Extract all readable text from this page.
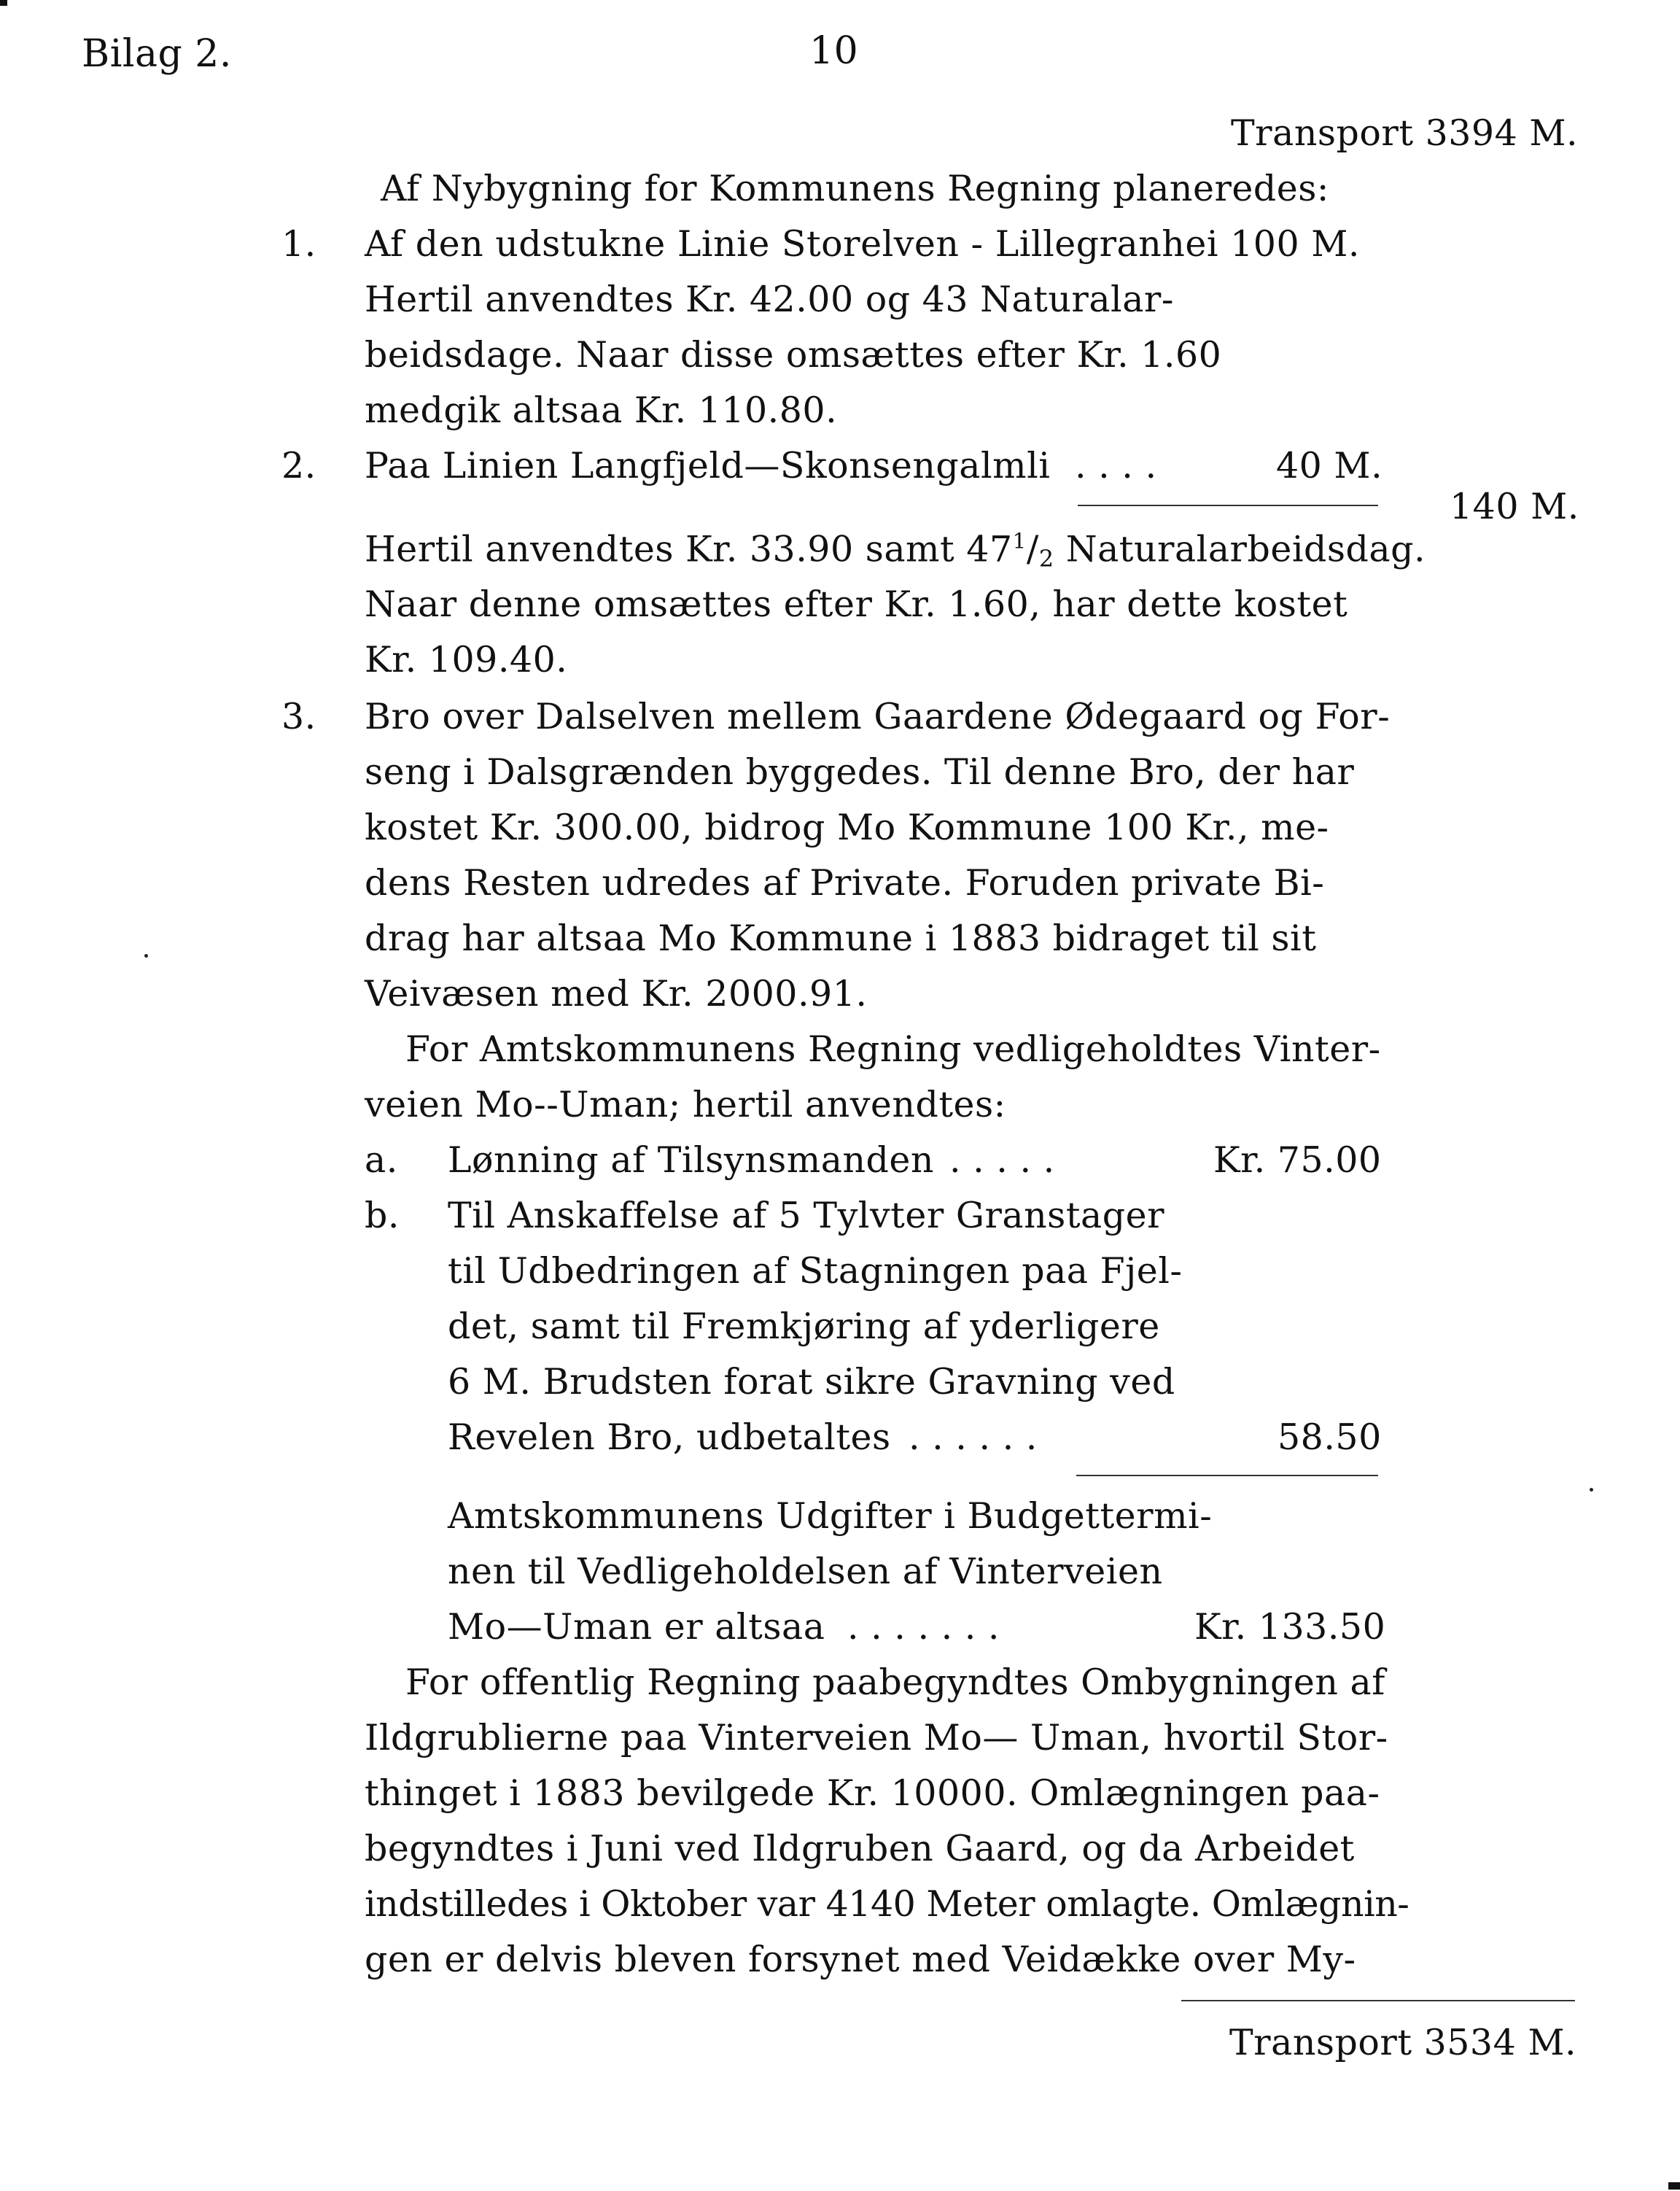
Bilag 2.	10
Transport 3394 M.
Af Nybygning for Kommunens Regning planeredes:
1. Af den udstukne Linie Storelven - Lillegranhei 100 M.
Hertil anvendtes Kr. 42.00 og 43 Naturalar-
beidsdage. Naar disse omsættes efter Kr. 1.60
medgik altsaa Kr. 110.80.
2. Paa Linien Langfjeld—Skonsengalmli . . . .	40 M.
140 M.
Hertil anvendtes Kr. 33.90 samt $47^1/_2$ Naturalarbeidsdag.
Naar denne omsættes efter Kr. 1.60, har dette kostet
Kr. 109.40.
3. Bro over Dalselven mellem Gaardene Ødegaard og For-
seng i Dalsgrænden byggedes. Til denne Bro, der har
kostet Kr. 300.00, bidrog Mo Kommune 100 Kr., me-
dens Resten udredes af Private. Foruden private Bi-
drag har altsaa Mo Kommune i 1883 bidraget til sit
Veivæsen med Kr. 2000.91.
For Amtskommunens Regning vedligeholdtes Vinter-
veien Mo--Uman; hertil anvendtes:
a. Lønning af Tilsynsmanden . . . . .	Kr. 75.00
b. Til Anskaffelse af 5 Tylvter Granstager
til Udbedringen af Stagningen paa Fjel-
det, samt til Fremkjøring af yderligere
6 M. Brudsten forat sikre Gravning ved
Revelen Bro, udbetaltes . . . . . .	58.50
Amtskommunens Udgifter i Budgettermi-
nen til Vedligeholdelsen af Vinterveien
Mo—Uman er altsaa . . . . . . .	Kr. 133.50
For offentlig Regning paabegyndtes Ombygningen af
Ildgrublierne paa Vinterveien Mo— Uman, hvortil Stor-
thinget i 1883 bevilgede Kr. 10000. Omlægningen paa-
begyndtes i Juni ved Ildgruben Gaard, og da Arbeidet
indstilledes i Oktober var 4140 Meter omlagte. Omlægnin-
gen er delvis bleven forsynet med Veidække over My-
Transport 3534 M.
